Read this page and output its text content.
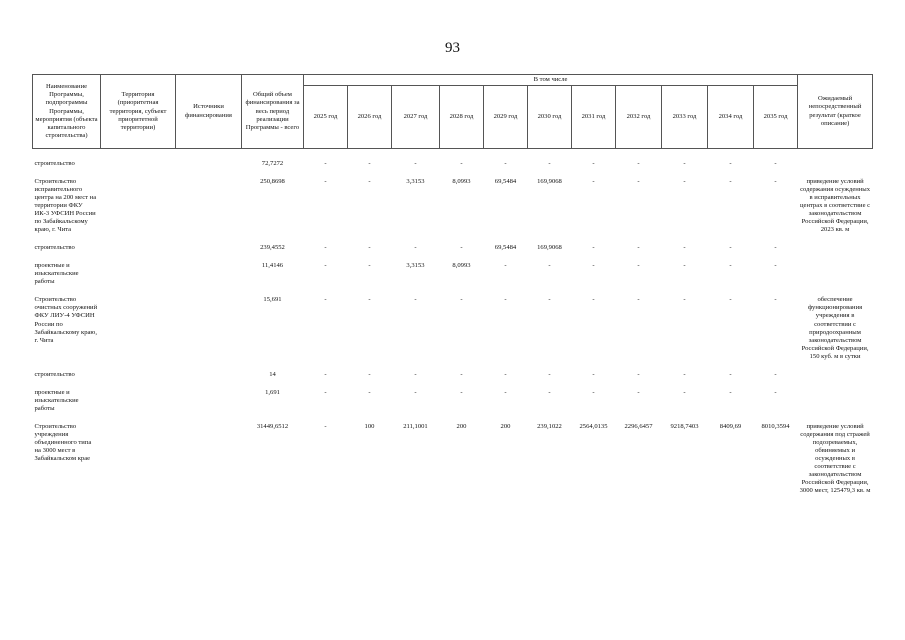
93
Наименование Программы, подпрограммы Программы, мероприятия (объекта капитального строительства)	Территория (приоритетная территория, субъект приоритетной территории)	Источники финансирования	Общий объем финансирования за весь период реализации Программы - всего	В том числе											Ожидаемый непосредственный результат (краткое описание)
				2025 год	2026 год	2027 год	2028 год	2029 год	2030 год	2031 год	2032 год	2033 год	2034 год	2035 год	

строительство			72,7272	-	-	-	-	-	-	-	-	-	-	-	

Строительство исправительного центра на 200 мест на территории ФКУ ИК-3 УФСИН России по Забайкальскому краю, г. Чита			250,8698	-	-	3,3153	8,0993	69,5484	169,9068	-	-	-	-	-	приведение условий содержания осужденных в исправительных центрах в соответствие с законодательством Российской Федерации, 2023 кв. м

строительство			239,4552	-	-	-	-	69,5484	169,9068	-	-	-	-	-	

проектные и изыскательские работы			11,4146	-	-	3,3153	8,0993	-	-	-	-	-	-	-	

Строительство очистных сооружений ФКУ ЛИУ-4 УФСИН России по Забайкальскому краю, г. Чита			15,691	-	-	-	-	-	-	-	-	-	-	-	обеспечение функционирования учреждения в соответствии с природоохранным законодательством Российской Федерации, 150 куб. м в сутки

строительство			14	-	-	-	-	-	-	-	-	-	-	-	

проектные и изыскательские работы			1,691	-	-	-	-	-	-	-	-	-	-	-	

Строительство учреждения объединенного типа на 3000 мест в Забайкальском крае			31449,6512	-	100	211,1001	200	200	239,1022	2564,0135	2296,6457	9218,7403	8409,69	8010,3594	приведение условий содержания под стражей подозреваемых, обвиняемых и осужденных в соответствие с законодательством Российской Федерации, 3000 мест, 125479,3 кв. м
